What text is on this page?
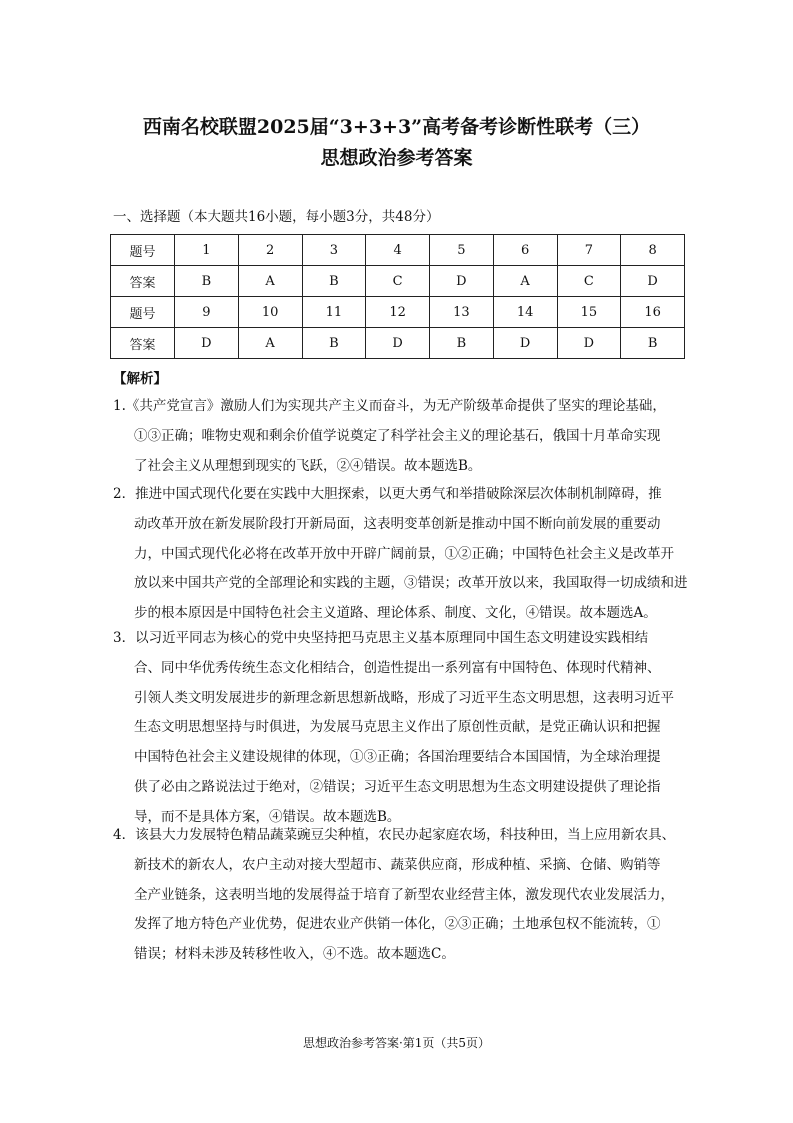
西南名校联盟2025届“3+3+3”高考备考诊断性联考（三）
思想政治参考答案
一、选择题（本大题共16小题，每小题3分，共48分）
题号	1	2	3	4	5	6	7	8
答案	B	A	B	C	D	A	C	D
题号	9	10	11	12	13	14	15	16
答案	D	A	B	D	B	D	D	B
【解析】
1.《共产党宣言》激励人们为实现共产主义而奋斗，为无产阶级革命提供了坚实的理论基础，
①③正确；唯物史观和剩余价值学说奠定了科学社会主义的理论基石，俄国十月革命实现
了社会主义从理想到现实的飞跃，②④错误。故本题选B。
2．推进中国式现代化要在实践中大胆探索，以更大勇气和举措破除深层次体制机制障碍，推
动改革开放在新发展阶段打开新局面，这表明变革创新是推动中国不断向前发展的重要动
力，中国式现代化必将在改革开放中开辟广阔前景，①②正确；中国特色社会主义是改革开
放以来中国共产党的全部理论和实践的主题，③错误；改革开放以来，我国取得一切成绩和进
步的根本原因是中国特色社会主义道路、理论体系、制度、文化，④错误。故本题选A。
3．以习近平同志为核心的党中央坚持把马克思主义基本原理同中国生态文明建设实践相结
合、同中华优秀传统生态文化相结合，创造性提出一系列富有中国特色、体现时代精神、
引领人类文明发展进步的新理念新思想新战略，形成了习近平生态文明思想，这表明习近平
生态文明思想坚持与时俱进，为发展马克思主义作出了原创性贡献，是党正确认识和把握
中国特色社会主义建设规律的体现，①③正确；各国治理要结合本国国情，为全球治理提
供了必由之路说法过于绝对，②错误；习近平生态文明思想为生态文明建设提供了理论指
导，而不是具体方案，④错误。故本题选B。
4．该县大力发展特色精品蔬菜豌豆尖种植，农民办起家庭农场，科技种田，当上应用新农具、
新技术的新农人，农户主动对接大型超市、蔬菜供应商，形成种植、采摘、仓储、购销等
全产业链条，这表明当地的发展得益于培育了新型农业经营主体，激发现代农业发展活力，
发挥了地方特色产业优势，促进农业产供销一体化，②③正确；土地承包权不能流转，①
错误；材料未涉及转移性收入，④不选。故本题选C。
思想政治参考答案·第1页（共5页）
